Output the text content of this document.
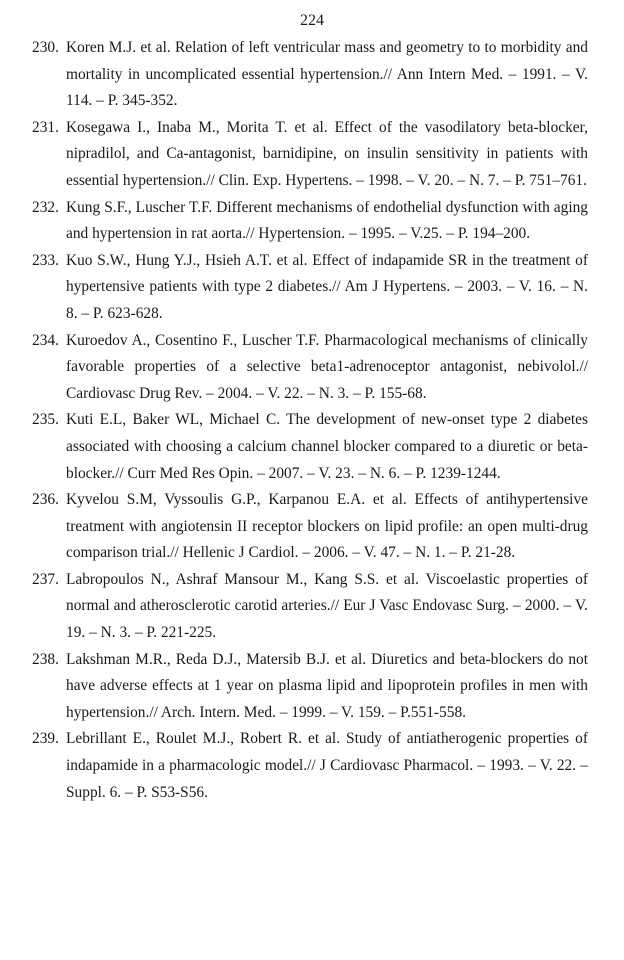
224
230. Koren M.J. et al. Relation of left ventricular mass and geometry to to morbidity and mortality in uncomplicated essential hypertension.// Ann Intern Med. – 1991. – V. 114. – P. 345-352.
231. Kosegawa I., Inaba M., Morita T. et al. Effect of the vasodilatory beta-blocker, nipradilol, and Ca-antagonist, barnidipine, on insulin sensitivity in patients with essential hypertension.// Clin. Exp. Hypertens. – 1998. – V. 20. – N. 7. – P. 751–761.
232. Kung S.F., Luscher T.F. Different mechanisms of endothelial dysfunction with aging and hypertension in rat aorta.// Hypertension. – 1995. – V.25. – P. 194–200.
233. Kuo S.W., Hung Y.J., Hsieh A.T. et al. Effect of indapamide SR in the treatment of hypertensive patients with type 2 diabetes.// Am J Hypertens. – 2003. – V. 16. – N. 8. – P. 623-628.
234. Kuroedov A., Cosentino F., Luscher T.F. Pharmacological mechanisms of clinically favorable properties of a selective beta1-adrenoceptor antagonist, nebivolol.// Cardiovasc Drug Rev. – 2004. – V. 22. – N. 3. – P. 155-68.
235. Kuti E.L, Baker WL, Michael C. The development of new-onset type 2 diabetes associated with choosing a calcium channel blocker compared to a diuretic or beta-blocker.// Curr Med Res Opin. – 2007. – V. 23. – N. 6. – P. 1239-1244.
236. Kyvelou S.M, Vyssoulis G.P., Karpanou E.A. et al. Effects of antihypertensive treatment with angiotensin II receptor blockers on lipid profile: an open multi-drug comparison trial.// Hellenic J Cardiol. – 2006. – V. 47. – N. 1. – P. 21-28.
237. Labropoulos N., Ashraf Mansour M., Kang S.S. et al. Viscoelastic properties of normal and atherosclerotic carotid arteries.// Eur J Vasc Endovasc Surg. – 2000. – V. 19. – N. 3. – P. 221-225.
238. Lakshman M.R., Reda D.J., Matersib B.J. et al. Diuretics and beta-blockers do not have adverse effects at 1 year on plasma lipid and lipoprotein profiles in men with hypertension.// Arch. Intern. Med. – 1999. – V. 159. – P.551-558.
239. Lebrillant E., Roulet M.J., Robert R. et al. Study of antiatherogenic properties of indapamide in a pharmacologic model.// J Cardiovasc Pharmacol. – 1993. – V. 22. – Suppl. 6. – P. S53-S56.
